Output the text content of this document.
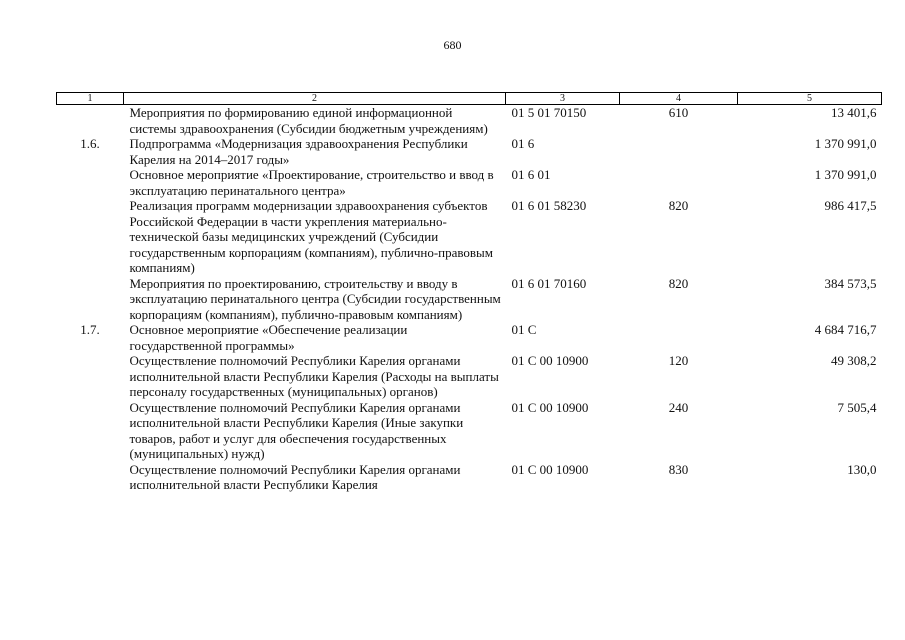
680
1	2	3	4	5
	Мероприятия по формированию единой информационной системы здравоохранения (Субсидии бюджетным учреждениям)	01 5 01 70150	610	13 401,6
1.6.	Подпрограмма «Модернизация здравоохранения Республики Карелия на 2014–2017 годы»	01 6		1 370 991,0
	Основное мероприятие «Проектирование, строительство и ввод в эксплуатацию перинатального центра»	01 6 01		1 370 991,0
	Реализация программ модернизации здравоохранения субъектов Российской Федерации в части укрепления материально-технической базы медицинских учреждений (Субсидии государственным корпорациям (компаниям), публично-правовым компаниям)	01 6 01 58230	820	986 417,5
	Мероприятия по проектированию, строительству и вводу в эксплуатацию перинатального центра (Субсидии государственным корпорациям (компаниям), публично-правовым компаниям)	01 6 01 70160	820	384 573,5
1.7.	Основное мероприятие «Обеспечение реализации государственной программы»	01 С		4 684 716,7
	Осуществление полномочий Республики Карелия органами исполнительной власти Республики Карелия (Расходы на выплаты персоналу государственных (муниципальных) органов)	01 С 00 10900	120	49 308,2
	Осуществление полномочий Республики Карелия органами исполнительной власти Республики Карелия (Иные закупки товаров, работ и услуг для обеспечения государственных (муниципальных) нужд)	01 С 00 10900	240	7 505,4
	Осуществление полномочий Республики Карелия органами исполнительной власти Республики Карелия	01 С 00 10900	830	130,0
